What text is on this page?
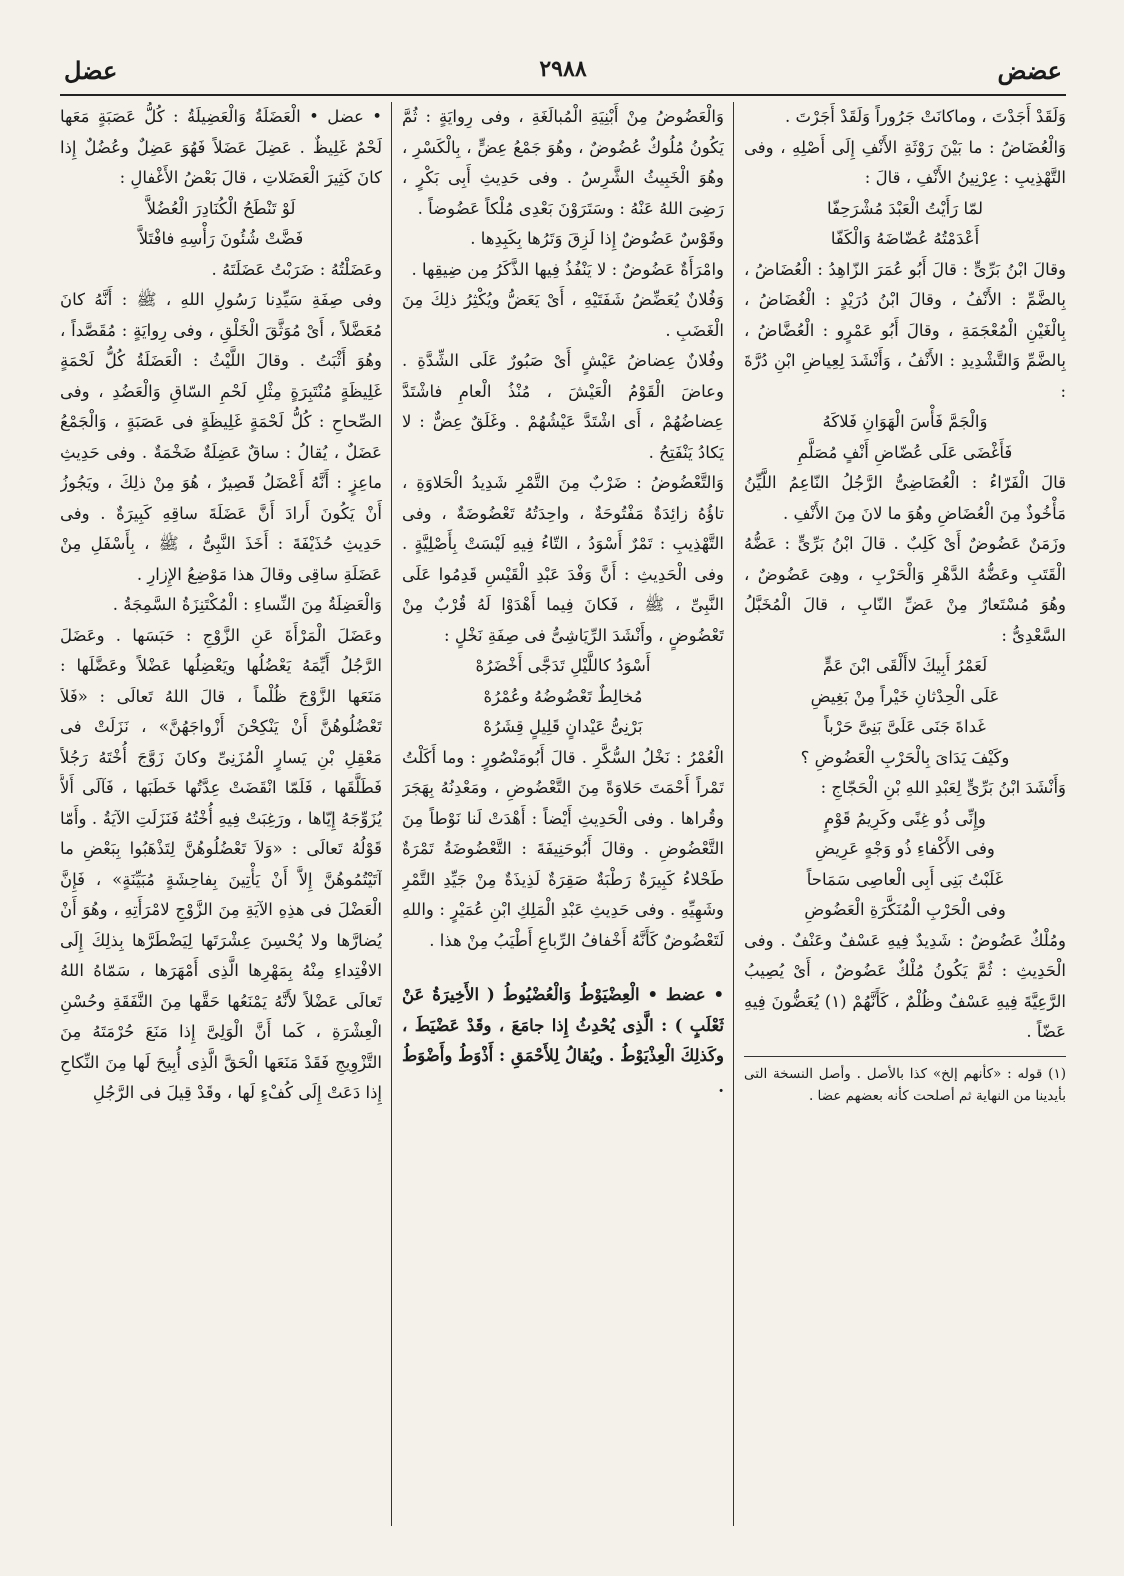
عضض
٢٩٨٨
عضل

وَلَقَدْ أَجَدْتَ ، وماكانَتْ جَرُوراً وَلَقَدْ أَجَرْتَ .

وَالْعُضَاضُ : ما بَيْنَ رَوْثَةِ الأَنْفِ إِلَى أَصْلِهِ ، وفى التَّهْذِيبِ : عِرْنِينُ الأَنْفِ ، قالَ :

لمّا رَأَيْتُ الْعَبْدَ مُشْرَحِفّا

أَعْدَمْتُهُ عُضّاضَهُ وَالْكَفّا

وقالَ ابْنُ بَرِّىٍّ : قالَ أَبُو عُمَرَ الزّاهِدُ : الْعُضَاضُ ، بِالضَّمِّ : الأَنْفُ ، وقالَ ابْنُ دُرَيْدٍ : الْغُضَاضُ ، بِالْغَيْنِ الْمُعْجَمَةِ ، وقالَ أَبُو عَمْرٍو : الْعُضَّاضُ ، بِالضَّمِّ وَالتَّشْدِيدِ : الأَنْفُ ، وَأَنْشَدَ لِعِياضِ ابْنِ دُرَّةَ :

وَالْجَمَّ فَأْسَ الْهَوَانِ فَلاكَهُ

فَأَغْضَى عَلَى عُضّاضِ أَنْفٍ مُصَلَّمِ

قالَ الْفَرّاءُ : الْعُضَاضِىُّ الرَّجُلُ النّاعِمُ اللَّيِّنُ مَأْخُوذٌ مِنَ الْعُضَاضِ وهُوَ ما لانَ مِنَ الأَنْفِ .

وزَمَنٌ عَضُوضٌ أَىْ كَلِبٌ . قالَ ابْنُ بَرِّىٍّ : عَضُّهُ الْقَتَبِ وعَضُّهُ الدَّهْرِ وَالْحَرْبِ ، وهِىَ عَضُوضٌ ، وهُوَ مُسْتَعارٌ مِنْ عَضِّ النّابِ ، قالَ الْمُخَبَّلُ السَّعْدِىُّ :

لَعَمْرُ أَبِيكَ لاأَلْقَى ابْنَ عَمٍّ

عَلَى الْحِدْثانِ خَيْراً مِنْ بَغِيضِ

غَداةَ جَنَى عَلَىَّ بَنِىَّ حَرْباً

وكَيْفَ يَدَاىَ بِالْحَرْبِ الْعَضُوضِ ؟

وَأَنْشَدَ ابْنُ بَرِّىٍّ لِعَبْدِ اللهِ بْنِ الْحَجّاجِ :

وإِنِّى ذُو غِنًى وكَرِيمُ قَوْمٍ

وفى الأَكْفاءِ ذُو وَجْهٍ عَرِيضِ

غَلَبْتُ بَنِى أَبِى الْعاصِى سَمَاحاً

وفى الْحَرْبِ الْمُنَكَّرَةِ الْعَضُوضِ

ومُلْكٌ عَضُوضٌ : شَدِيدٌ فِيهِ عَسْفٌ وعَنْفٌ . وفى الْحَدِيثِ : ثُمَّ يَكُونُ مُلْكٌ عَضُوضٌ ، أَىْ يُصِيبُ الرَّعِيَّةَ فِيهِ عَسْفٌ وظُلْمٌ ، كَأَنَّهُمْ (١) يُعَضُّونَ فِيهِ عَضّاً .

(١) قوله : «كأنهم إلخ» كذا بالأصل . وأصل النسخة التى بأيدينا من النهاية ثم أصلحت كأنه بعضهم عضا .

وَالْعَضُوضُ مِنْ أَبْنِيَةِ الْمُبالَغَةِ ، وفى رِوايَةٍ : ثُمَّ يَكُونُ مُلُوكٌ عُضُوضٌ ، وهُوَ جَمْعُ عِضٍّ ، بِالْكَسْرِ ، وهُوَ الْخَبِيثُ الشَّرِسُ . وفى حَدِيثِ أَبِى بَكْرٍ ، رَضِىَ اللهُ عَنْهُ : وسَتَرَوْنَ بَعْدِى مُلْكاً عَضُوضاً .

وقَوْسٌ عَضُوضٌ إِذا لَزِقَ وَتَرُها بِكَبِدِها .

وامْرَأَةٌ عَضُوضٌ : لا يَنْفُذُ فِيها الذَّكَرُ مِن ضِيقِها .

وَفُلانٌ يُعَضِّضُ شَفَتَيْهِ ، أَىْ يَعَضُّ ويُكْثِرُ ذلِكَ مِنَ الْغَضَبِ .

وفُلانٌ عِضاضُ عَيْشٍ أَىْ صَبُورٌ عَلَى الشِّدَّةِ . وعاضَ الْقَوْمُ الْعَيْشَ ، مُنْذُ الْعامِ فاشْتَدَّ عِضاضُهُمْ ، أَى اشْتَدَّ عَيْشُهُمْ . وغَلَقٌ عِضٌّ : لا يَكادُ يَنْفَتِحُ .

وَالتَّعْضُوضُ : ضَرْبٌ مِنَ التَّمْرِ شَدِيدُ الْحَلاوَةِ ، تاؤُهُ زائِدَةٌ مَفْتُوحَةٌ ، واحِدَتُهُ تَعْضُوضَةٌ ، وفى التَّهْذِيبِ : تَمْرٌ أَسْوَدُ ، التّاءُ فِيهِ لَيْسَتْ بِأَصْلِيَّةٍ . وفى الْحَدِيثِ : أَنَّ وَفْدَ عَبْدِ الْقَيْسِ قَدِمُوا عَلَى النَّبِىِّ ، ﷺ ، فَكانَ فِيما أَهْدَوْا لَهُ قُرْبٌ مِنْ تَعْضُوضٍ ، وأَنْشَدَ الرِّيَاشِىُّ فى صِفَةِ نَخْلٍ :

أَسْوَدُ كاللَّيْلِ تَدَجَّى أَخْضَرُهْ

مُخالِطٌ تَعْضُوضُهُ وعُمْرُهْ

بَرْنِىُّ عَيْدانٍ قَلِيلٍ قِشَرُهْ

الْعُمْرُ : نَخْلُ السُّكَّرِ . قالَ أَبُومَنْصُورٍ : وما أَكَلْتُ تَمْراً أَحْمَتَ حَلاوَةً مِنَ التَّعْضُوضِ ، ومَعْدِنُهُ بِهَجَرَ وقُراها . وفى الْحَدِيثِ أَيْضاً : أَهْدَتْ لَنا نَوْطاً مِنَ التَّعْضُوضِ . وقالَ أَبُوحَنِيفَةَ : التَّعْضُوضَةُ تَمْرَةٌ طَحْلاءُ كَبِيرَةٌ رَطْبَةٌ صَقِرَةٌ لَذِيذَةٌ مِنْ جَيِّدِ التَّمْرِ وشَهِيِّهِ . وفى حَدِيثِ عَبْدِ الْمَلِكِ ابْنِ عُمَيْرٍ : واللهِ لَتَعْضُوضٌ كَأَنَّهُ أَخْفافُ الرِّباعِ أَطْيَبُ مِنْ هذا .

• عضط • الْعِضْيَوْطُ وَالْعُضْيُوطُ ( الأَخِيرَةُ عَنْ ثَعْلَبٍ ) : الَّذِى يُحْدِثُ إِذا جامَعَ ، وقَدْ عَضْيَطَ ، وكَذلِكَ الْعِذْيَوْطُ . ويُقالُ لِلأَحْمَقِ : أَذْوَطُ وأَضْوَطُ .

• عضل • الْعَضَلَةُ وَالْعَضِيلَةُ : كُلُّ عَصَبَةٍ مَعَها لَحْمٌ غَلِيظٌ . عَضِلَ عَضَلاً فَهُوَ عَضِلٌ وعُضُلٌ إِذا كانَ كَثِيرَ الْعَضَلاتِ ، قالَ بَعْضُ الأَغْفالِ :

لَوْ تَنْطَحُ الْكُنَادِرَ الْعُضُلاَّ

فَضَّتْ شُئُونَ رَأْسِهِ فافْتَلاَّ

وعَضَلْتُهُ : ضَرَبْتُ عَضَلَتَهُ .

وفى صِفَةِ سَيِّدِنا رَسُولِ اللهِ ، ﷺ : أَنَّهُ كانَ مُعَضَّلاً ، أَىْ مُوَثَّقَ الْخَلْقِ ، وفى رِوايَةٍ : مُقَصَّداً ، وهُوَ أَثْبَتُ . وقالَ اللَّيْثُ : الْعَضَلَةُ كُلُّ لَحْمَةٍ غَلِيظَةٍ مُنْتَبِرَةٍ مِثْلِ لَحْمِ السّاقِ وَالْعَضُدِ ، وفى الصِّحاحِ : كُلُّ لَحْمَةٍ غَلِيظَةٍ فى عَصَبَةٍ ، وَالْجَمْعُ عَضَلٌ ، يُقالُ : ساقٌ عَضِلَةٌ ضَخْمَةٌ . وفى حَدِيثِ ماعِزٍ : أَنَّهُ أَعْضَلُ قَصِيرٌ ، هُوَ مِنْ ذلِكَ ، ويَجُوزُ أَنْ يَكُونَ أَرادَ أَنَّ عَضَلَةَ ساقِهِ كَبِيرَةٌ . وفى حَدِيثِ حُذَيْفَةَ : أَخَذَ النَّبِىُّ ، ﷺ ، بِأَسْفَلِ مِنْ عَضَلَةِ ساقِى وقالَ هذا مَوْضِعُ الإِزارِ .

وَالْعَضِلَةُ مِنَ النِّساءِ : الْمُكْتَنِزَةُ السَّمِجَةُ .

وعَضَلَ الْمَرْأَةَ عَنِ الزَّوْجِ : حَبَسَها . وعَضَلَ الرَّجُلُ أَيِّمَهُ يَعْضُلُها ويَعْضِلُها عَضْلاً وعَضَّلَها : مَنَعَها الزَّوْجَ ظُلْماً ، قالَ اللهُ تَعالَى : «فَلاَ تَعْضُلُوهُنَّ أَنْ يَنْكِحْنَ أَزْواجَهُنَّ» ، نَزَلَتْ فى مَعْقِلِ بْنِ يَسارٍ الْمُزَنِىِّ وكانَ زَوَّجَ أُخْتَهُ رَجُلاً فَطَلَّقَها ، فَلَمّا انْقَضَتْ عِدَّتُها خَطَبَها ، فَآلَى أَلاَّ يُزَوِّجَهُ إِيّاها ، ورَغِبَتْ فِيهِ أُخْتُهُ فَنَزَلَتِ الآيَةُ . وأَمّا قَوْلُهُ تَعالَى : «وَلاَ تَعْضُلُوهُنَّ لِتَذْهَبُوا بِبَعْضِ ما آتَيْتُمُوهُنَّ إِلاَّ أَنْ يَأْتِينَ بِفاحِشَةٍ مُبَيِّنَةٍ» ، فَإِنَّ الْعَضْلَ فى هذِهِ الآيَةِ مِنَ الزَّوْجِ لامْرَأَتِهِ ، وهُوَ أَنْ يُضارَّها ولا يُحْسِنَ عِشْرَتَها لِيَضْطَرَّها بِذلِكَ إِلَى الافْتِداءِ مِنْهُ بِمَهْرِها الَّذِى أَمْهَرَها ، سَمّاهُ اللهُ تَعالَى عَضْلاً لأَنَّهُ يَمْنَعُها حَقَّها مِنَ النَّفَقَةِ وحُسْنِ الْعِشْرَةِ ، كَما أَنَّ الْوَلِىَّ إِذا مَنَعَ حُرْمَتَهُ مِنَ التَّزْوِيجِ فَقَدْ مَنَعَها الْحَقَّ الَّذِى أُبِيحَ لَها مِنَ النِّكاحِ إِذا دَعَتْ إِلَى كُفْءٍ لَها ، وقَدْ قِيلَ فى الرَّجُلِ
